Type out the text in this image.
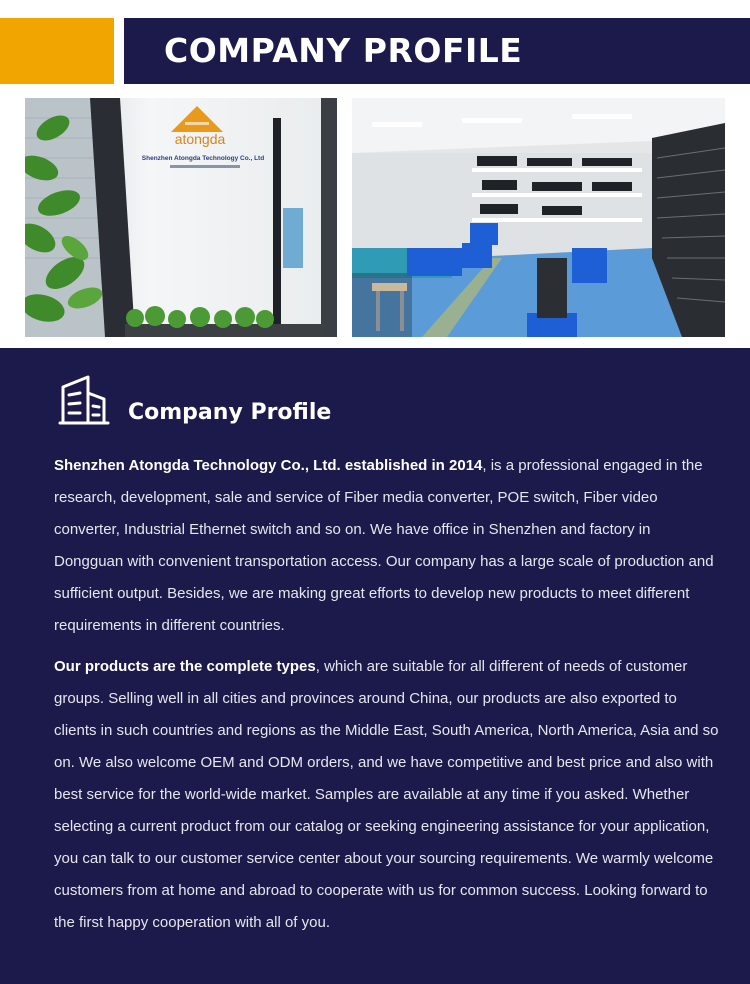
COMPANY PROFILE
atongda
Shenzhen Atongda Technology Co., Ltd
Company Profile

Shenzhen Atongda Technology Co., Ltd. established in 2014, is a professional engaged in the research, development, sale and service of Fiber media converter, POE switch, Fiber video converter, Industrial Ethernet switch and so on. We have office in Shenzhen and factory in Dongguan with convenient transportation access. Our company has a large scale of production and sufficient output. Besides, we are making great efforts to develop new products to meet different requirements in different countries.

Our products are the complete types, which are suitable for all different of needs of customer groups. Selling well in all cities and provinces around China, our products are also exported to clients in such countries and regions as the Middle East, South America, North America, Asia and so on. We also welcome OEM and ODM orders, and we have competitive and best price and also with best service for the world-wide market. Samples are available at any time if you asked. Whether selecting a current product from our catalog or seeking engineering assistance for your application, you can talk to our customer service center about your sourcing requirements. We warmly welcome customers from at home and abroad to cooperate with us for common success. Looking forward to the first happy cooperation with all of you.
